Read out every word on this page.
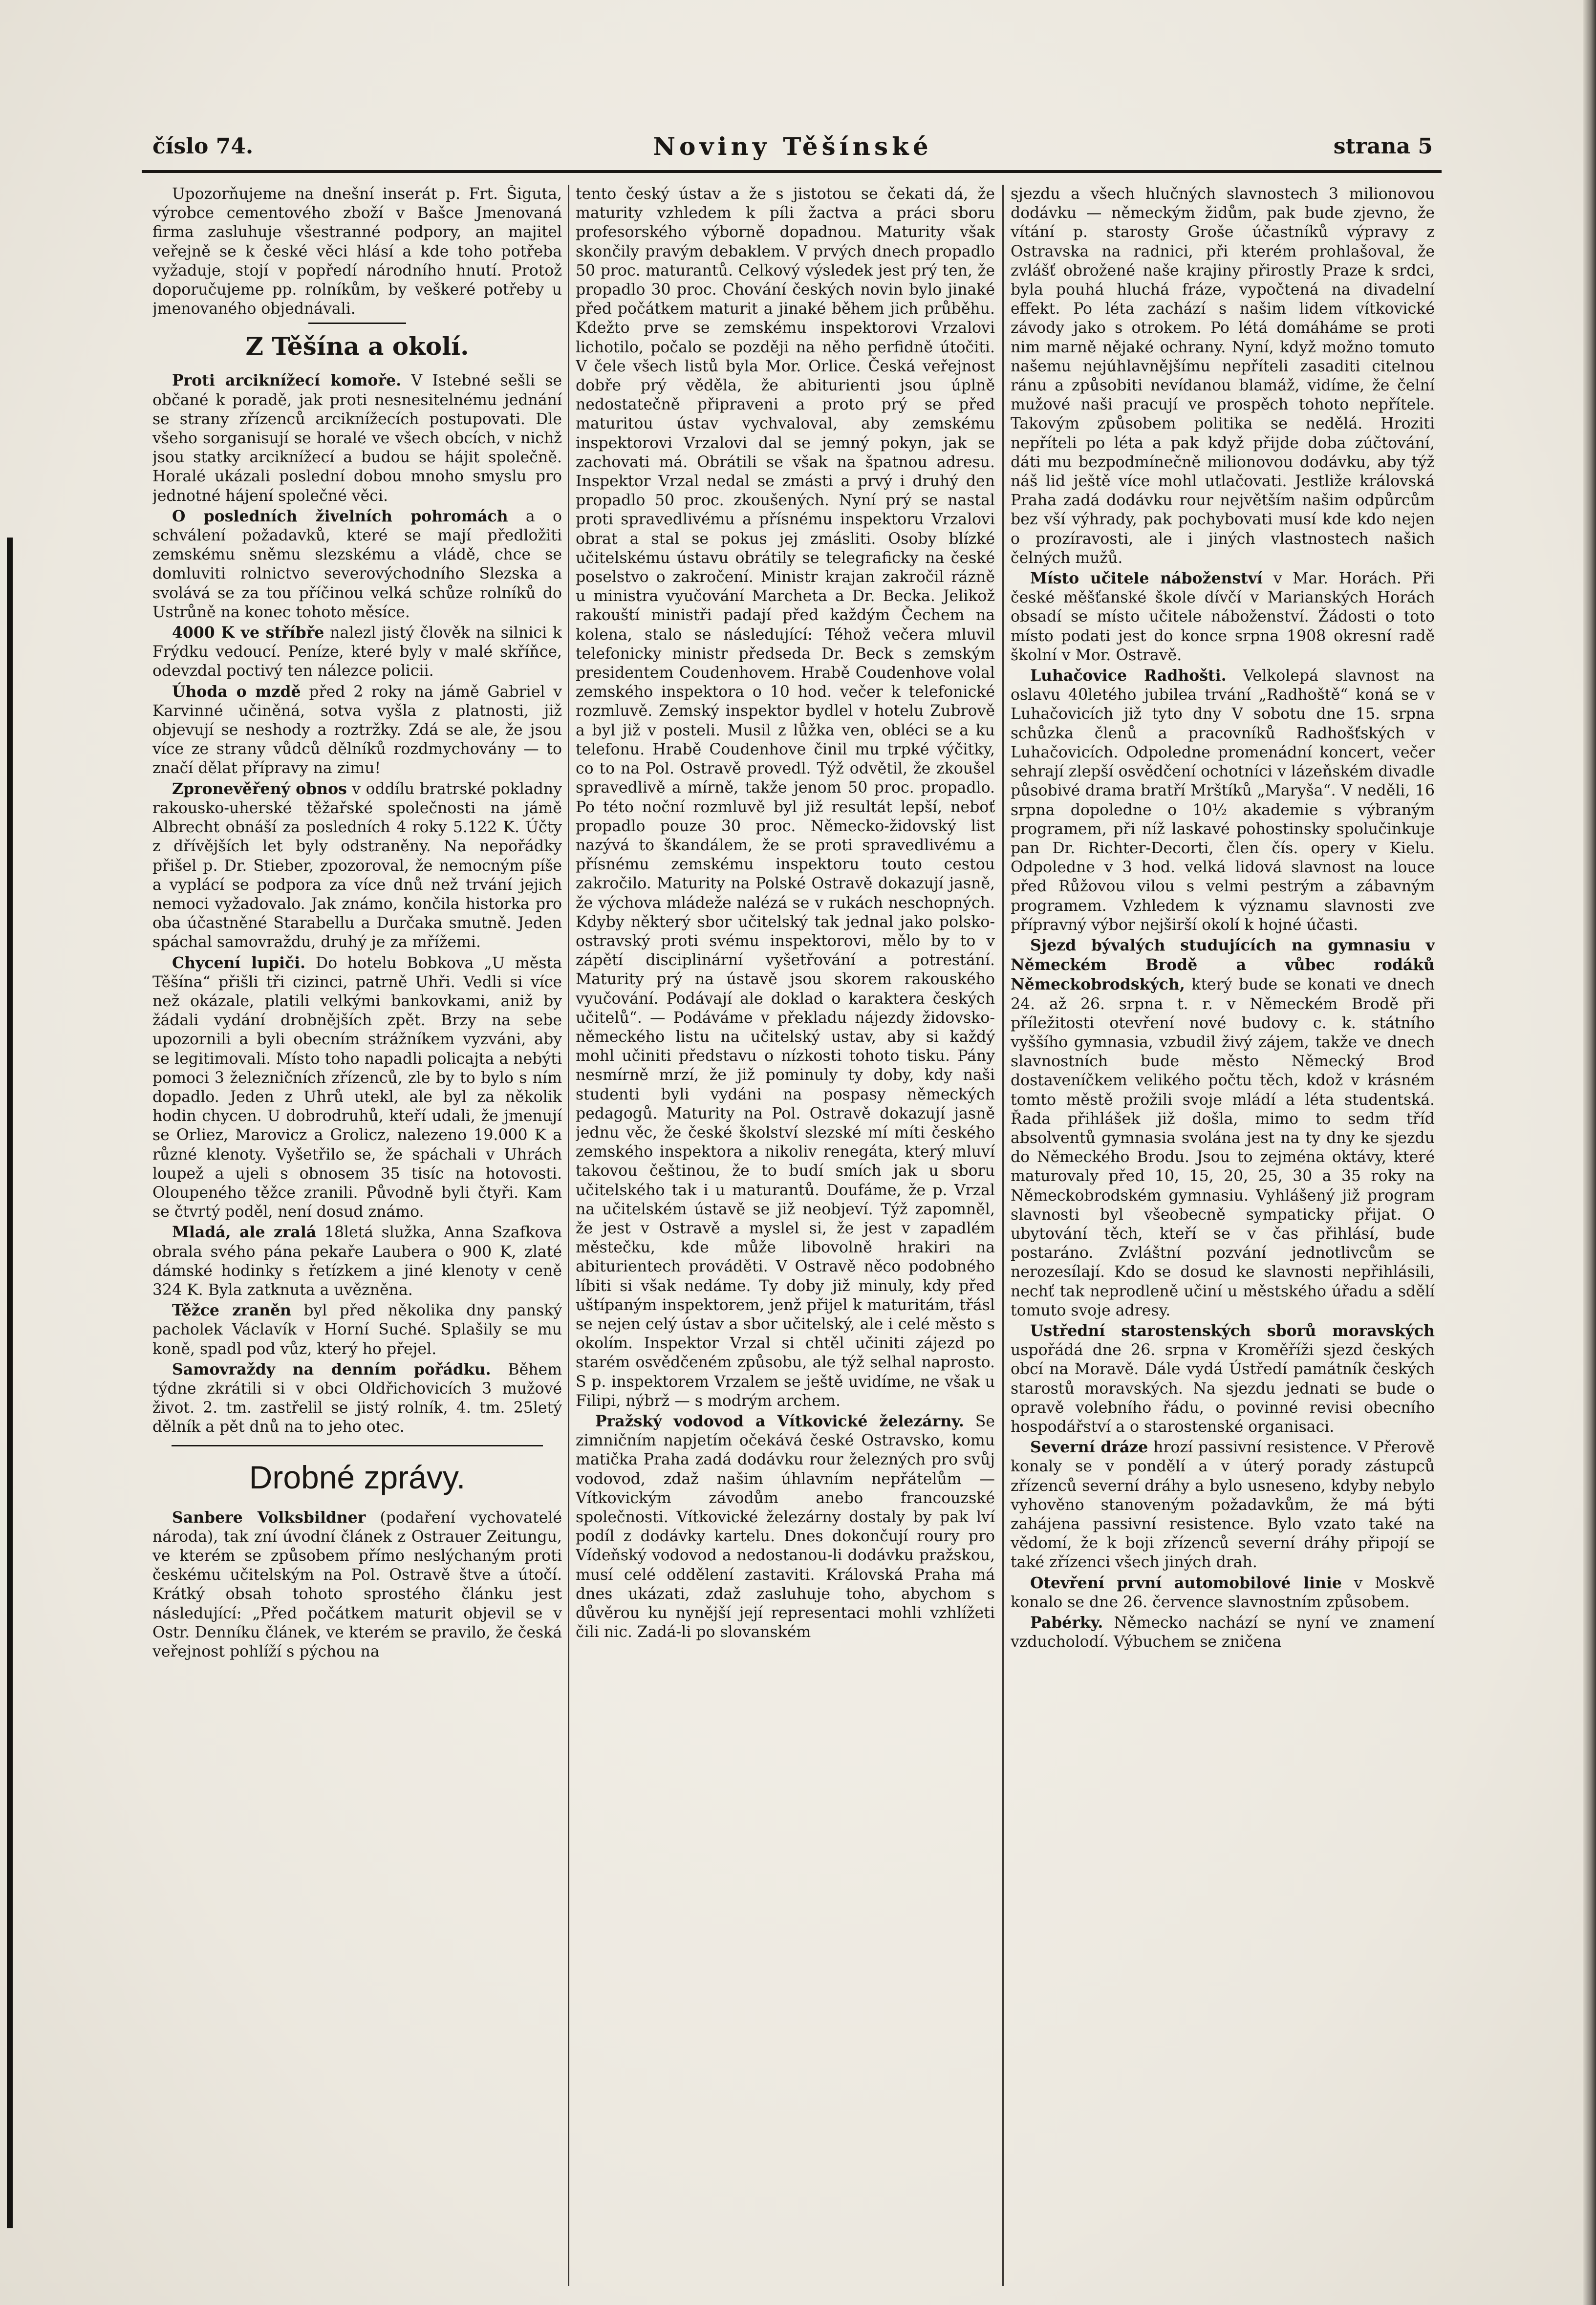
číslo 74.	Noviny Těšínské	strana 5

Upozorňujeme na dnešní inserát p. Frt. Šiguta, výrobce cementového zboží v Bašce Jmenovaná firma zasluhuje všestranné podpory, an majitel veřejně se k české věci hlásí a kde toho potřeba vyžaduje, stojí v popředí národního hnutí. Protož doporučujeme pp. rolníkům, by veškeré potřeby u jmenovaného objednávali.

Z Těšína a okolí.

Proti arciknížecí komoře. V Istebné sešli se občané k poradě, jak proti nesnesitelnému jednání se strany zřízenců arciknížecích postupovati. Dle všeho sorganisují se horalé ve všech obcích, v nichž jsou statky arciknížecí a budou se hájit společně. Horalé ukázali poslední dobou mnoho smyslu pro jednotné hájení společné věci.

O posledních živelních pohromách a o schválení požadavků, které se mají předložiti zemskému sněmu slezskému a vládě, chce se domluviti rolnictvo severovýchodního Slezska a svolává se za tou příčinou velká schůze rolníků do Ustrůně na konec tohoto měsíce.

4000 K ve stříbře nalezl jistý člověk na silnici k Frýdku vedoucí. Peníze, které byly v malé skříňce, odevzdal poctivý ten nálezce policii.

Úhoda o mzdě před 2 roky na jámě Gabriel v Karvinné učiněná, sotva vyšla z platnosti, již objevují se neshody a roztržky. Zdá se ale, že jsou více ze strany vůdců dělníků rozdmychovány — to značí dělat přípravy na zimu!

Zpronevěřený obnos v oddílu bratrské pokladny rakousko-uherské těžařské společnosti na jámě Albrecht obnáší za posledních 4 roky 5.122 K. Účty z dřívějších let byly odstraněny. Na nepořádky přišel p. Dr. Stieber, zpozoroval, že nemocným píše a vyplácí se podpora za více dnů než trvání jejich nemoci vyžadovalo. Jak známo, končila historka pro oba účastněné Starabellu a Durčaka smutně. Jeden spáchal samovraždu, druhý je za mřížemi.

Chycení lupiči. Do hotelu Bobkova „U města Těšína“ přišli tři cizinci, patrně Uhři. Vedli si více než okázale, platili velkými bankovkami, aniž by žádali vydání drobnějších zpět. Brzy na sebe upozornili a byli obecním strážníkem vyzváni, aby se legitimovali. Místo toho napadli policajta a nebýti pomoci 3 železničních zřízenců, zle by to bylo s ním dopadlo. Jeden z Uhrů utekl, ale byl za několik hodin chycen. U dobrodruhů, kteří udali, že jmenují se Orliez, Marovicz a Grolicz, nalezeno 19.000 K a různé klenoty. Vyšetřilo se, že spáchali v Uhrách loupež a ujeli s obnosem 35 tisíc na hotovosti. Oloupeného těžce zranili. Původně byli čtyři. Kam se čtvrtý poděl, není dosud známo.

Mladá, ale zralá 18letá služka, Anna Szafkova obrala svého pána pekaře Laubera o 900 K, zlaté dámské hodinky s řetízkem a jiné klenoty v ceně 324 K. Byla zatknuta a uvězněna.

Těžce zraněn byl před několika dny panský pacholek Václavík v Horní Suché. Splašily se mu koně, spadl pod vůz, který ho přejel.

Samovraždy na denním pořádku. Během týdne zkrátili si v obci Oldřichovicích 3 mužové život. 2. tm. zastřelil se jistý rolník, 4. tm. 25letý dělník a pět dnů na to jeho otec.

Drobné zprávy.

Sanbere Volksbildner (podaření vychovatelé národa), tak zní úvodní článek z Ostrauer Zeitungu, ve kterém se způsobem přímo neslýchaným proti českému učitelským na Pol. Ostravě štve a útočí. Krátký obsah tohoto sprostého článku jest následující: „Před počátkem maturit objevil se v Ostr. Denníku článek, ve kterém se pravilo, že česká veřejnost pohlíží s pýchou na

tento český ústav a že s jistotou se čekati dá, že maturity vzhledem k píli žactva a práci sboru profesorského výborně dopadnou. Maturity však skončily pravým debaklem. V prvých dnech propadlo 50 proc. maturantů. Celkový výsledek jest prý ten, že propadlo 30 proc. Chování českých novin bylo jinaké před počátkem maturit a jinaké během jich průběhu. Kdežto prve se zemskému inspektorovi Vrzalovi lichotilo, počalo se později na něho perfidně útočiti. V čele všech listů byla Mor. Orlice. Česká veřejnost dobře prý věděla, že abiturienti jsou úplně nedostatečně připraveni a proto prý se před maturitou ústav vychvaloval, aby zemskému inspektorovi Vrzalovi dal se jemný pokyn, jak se zachovati má. Obrátili se však na špatnou adresu. Inspektor Vrzal nedal se zmásti a prvý i druhý den propadlo 50 proc. zkoušených. Nyní prý se nastal proti spravedlivému a přísnému inspektoru Vrzalovi obrat a stal se pokus jej zmásliti. Osoby blízké učitelskému ústavu obrátily se telegraficky na české poselstvo o zakročení. Ministr krajan zakročil rázně u ministra vyučování Marcheta a Dr. Becka. Jelikož rakouští ministři padají před každým Čechem na kolena, stalo se následující: Téhož večera mluvil telefonicky ministr předseda Dr. Beck s zemským presidentem Coudenhovem. Hrabě Coudenhove volal zemského inspektora o 10 hod. večer k telefonické rozmluvě. Zemský inspektor bydlel v hotelu Zubrově a byl již v posteli. Musil z lůžka ven, obléci se a ku telefonu. Hrabě Coudenhove činil mu trpké výčitky, co to na Pol. Ostravě provedl. Týž odvětil, že zkoušel spravedlivě a mírně, takže jenom 50 proc. propadlo. Po této noční rozmluvě byl již resultát lepší, neboť propadlo pouze 30 proc. Německo-židovský list nazývá to škandálem, že se proti spravedlivému a přísnému zemskému inspektoru touto cestou zakročilo. Maturity na Polské Ostravě dokazují jasně, že výchova mládeže nalézá se v rukách neschopných. Kdyby některý sbor učitelský tak jednal jako polsko-ostravský proti svému inspektorovi, mělo by to v zápětí disciplinární vyšetřování a potrestání. Maturity prý na ústavě jsou skorem rakouského vyučování. Podávají ale doklad o karaktera českých učitelů“. — Podáváme v překladu nájezdy židovsko-německého listu na učitelský ustav, aby si každý mohl učiniti představu o nízkosti tohoto tisku. Pány nesmírně mrzí, že již pominuly ty doby, kdy naši studenti byli vydáni na pospasy německých pedagogů. Maturity na Pol. Ostravě dokazují jasně jednu věc, že české školství slezské mí míti českého zemského inspektora a nikoliv renegáta, který mluví takovou češtinou, že to budí smích jak u sboru učitelského tak i u maturantů. Doufáme, že p. Vrzal na učitelském ústavě se již neobjeví. Týž zapomněl, že jest v Ostravě a myslel si, že jest v zapadlém městečku, kde může libovolně hrakiri na abiturientech prováděti. V Ostravě něco podobného líbiti si však nedáme. Ty doby již minuly, kdy před uštípaným inspektorem, jenž přijel k maturitám, třásl se nejen celý ústav a sbor učitelský, ale i celé město s okolím. Inspektor Vrzal si chtěl učiniti zájezd po starém osvědčeném způsobu, ale týž selhal naprosto. S p. inspektorem Vrzalem se ještě uvidíme, ne však u Filipi, nýbrž — s modrým archem.

Pražský vodovod a Vítkovické železárny. Se zimničním napjetím očekává české Ostravsko, komu matička Praha zadá dodávku rour železných pro svůj vodovod, zdaž našim úhlavním nepřátelům — Vítkovickým závodům anebo francouzské společnosti. Vítkovické železárny dostaly by pak lví podíl z dodávky kartelu. Dnes dokončují roury pro Vídeňský vodovod a nedostanou-li dodávku pražskou, musí celé oddělení zastaviti. Královská Praha má dnes ukázati, zdaž zasluhuje toho, abychom s důvěrou ku nynější její representaci mohli vzhlížeti čili nic. Zadá-li po slovanském

sjezdu a všech hlučných slavnostech 3 milionovou dodávku — německým židům, pak bude zjevno, že vítání p. starosty Groše účastníků výpravy z Ostravska na radnici, při kterém prohlašoval, že zvlášť obrožené naše krajiny přirostly Praze k srdci, byla pouhá hluchá fráze, vypočtená na divadelní effekt. Po léta zachází s našim lidem vítkovické závody jako s otrokem. Po létá domáháme se proti nim marně nějaké ochrany. Nyní, když možno tomuto našemu nejúhlavnějšímu nepříteli zasaditi citelnou ránu a způsobiti nevídanou blamáž, vidíme, že čelní mužové naši pracují ve prospěch tohoto nepřítele. Takovým způsobem politika se nedělá. Hroziti nepříteli po léta a pak když přijde doba zúčtování, dáti mu bezpodmínečně milionovou dodávku, aby týž náš lid ještě více mohl utlačovati. Jestliže královská Praha zadá dodávku rour největším našim odpůrcům bez vší výhrady, pak pochybovati musí kde kdo nejen o prozíravosti, ale i jiných vlastnostech našich čelných mužů.

Místo učitele náboženství v Mar. Horách. Při české měšťanské škole dívčí v Marianských Horách obsadí se místo učitele náboženství. Žádosti o toto místo podati jest do konce srpna 1908 okresní radě školní v Mor. Ostravě.

Luhačovice Radhošti. Velkolepá slavnost na oslavu 40letého jubilea trvání „Radhoště“ koná se v Luhačovicích již tyto dny V sobotu dne 15. srpna schůzka členů a pracovníků Radhošťských v Luhačovicích. Odpoledne promenádní koncert, večer sehrají zlepší osvědčení ochotníci v lázeňském divadle působivé drama bratří Mrštíků „Maryša“. V neděli, 16 srpna dopoledne o 10½ akademie s výbraným programem, při níž laskavé pohostinsky spolučinkuje pan Dr. Richter-Decorti, člen čís. opery v Kielu. Odpoledne v 3 hod. velká lidová slavnost na louce před Růžovou vilou s velmi pestrým a zábavným programem. Vzhledem k významu slavnosti zve přípravný výbor nejširší okolí k hojné účasti.

Sjezd bývalých studujících na gymnasiu v Německém Brodě a vůbec rodáků Německobrodských, který bude se konati ve dnech 24. až 26. srpna t. r. v Německém Brodě při příležitosti otevření nové budovy c. k. státního vyššího gymnasia, vzbudil živý zájem, takže ve dnech slavnostních bude město Německý Brod dostaveníčkem velikého počtu těch, kdož v krásném tomto městě prožili svoje mládí a léta studentská. Řada přihlášek již došla, mimo to sedm tříd absolventů gymnasia svolána jest na ty dny ke sjezdu do Německého Brodu. Jsou to zejména oktávy, které maturovaly před 10, 15, 20, 25, 30 a 35 roky na Německobrodském gymnasiu. Vyhlášený již program slavnosti byl všeobecně sympaticky přijat. O ubytování těch, kteří se v čas přihlásí, bude postaráno. Zvláštní pozvání jednotlivcům se nerozesílají. Kdo se dosud ke slavnosti nepřihlásili, nechť tak neprodleně učiní u městského úřadu a sdělí tomuto svoje adresy.

Ustřední starostenských sborů moravských uspořádá dne 26. srpna v Kroměříži sjezd českých obcí na Moravě. Dále vydá Ústředí památník českých starostů moravských. Na sjezdu jednati se bude o opravě volebního řádu, o povinné revisi obecního hospodářství a o starostenské organisaci.

Severní dráze hrozí passivní resistence. V Přerově konaly se v pondělí a v úterý porady zástupců zřízenců severní dráhy a bylo usneseno, kdyby nebylo vyhověno stanoveným požadavkům, že má býti zahájena passivní resistence. Bylo vzato také na vědomí, že k boji zřízenců severní dráhy připojí se také zřízenci všech jiných drah.

Otevření první automobilové linie v Moskvě konalo se dne 26. července slavnostním způsobem.

Pabérky. Německo nachází se nyní ve znamení vzducholodí. Výbuchem se zničena
